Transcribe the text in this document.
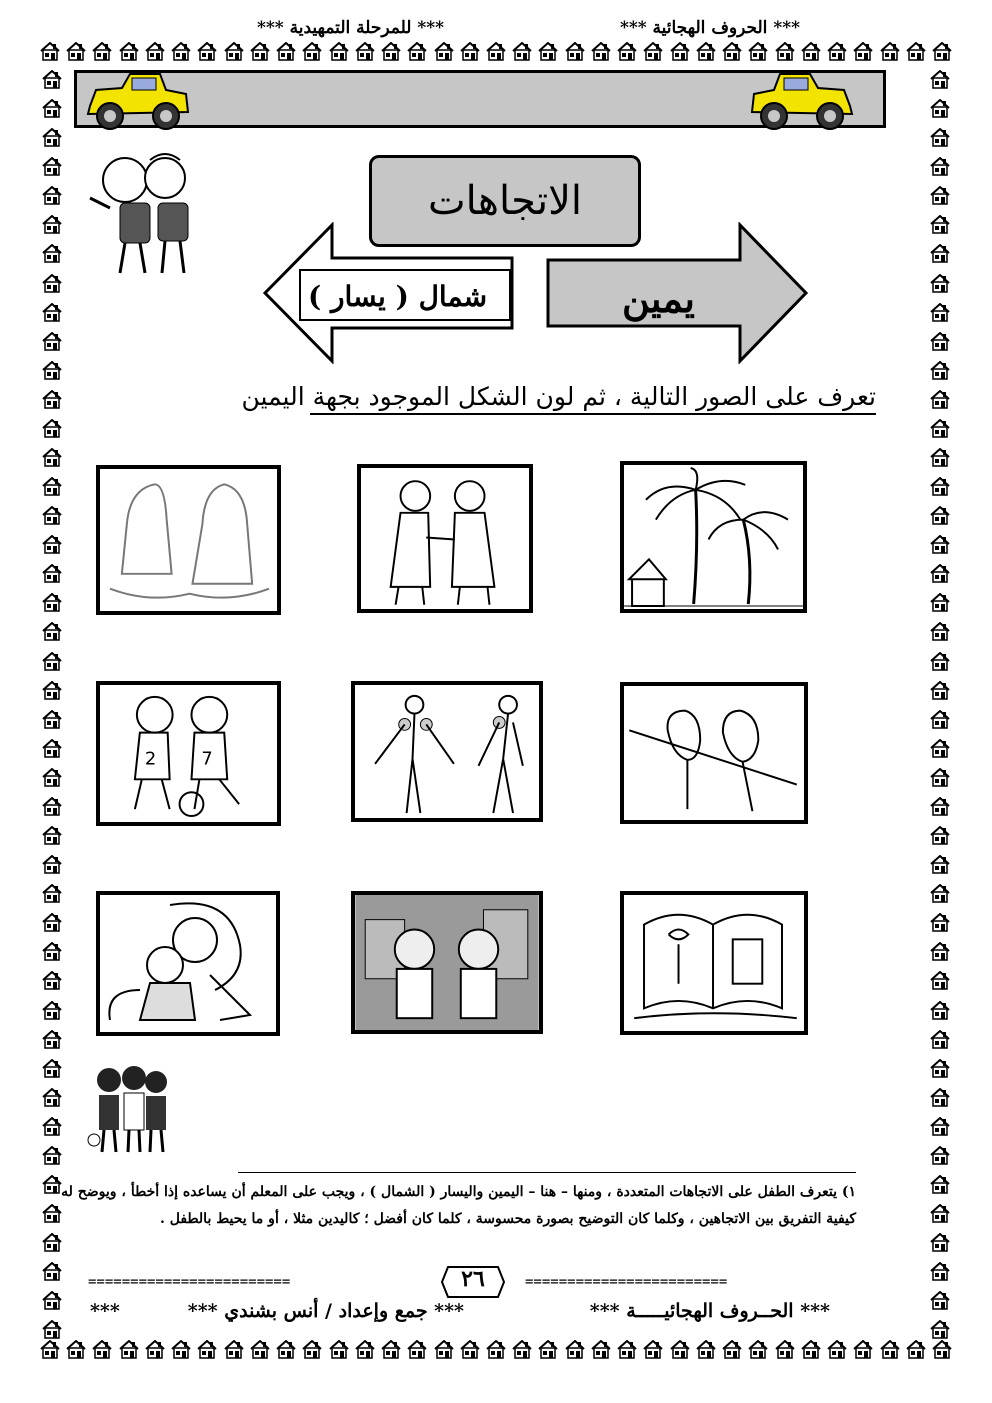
*** الحروف الهجائية ***
*** للمرحلة التمهيدية ***
الاتجاهات
يمين
شمال ( يسار )
تعرف على الصور التالية ، ثم لون الشكل الموجود بجهة اليمين
2	7
١) يتعرف الطفل على الاتجاهات المتعددة ، ومنها – هنا – اليمين واليسار ( الشمال ) ، ويجب على المعلم أن يساعده إذا أخطأ ، ويوضح له
كيفية التفريق بين الاتجاهين ، وكلما كان التوضيح بصورة محسوسة ، كلما كان أفضل ؛ كاليدين مثلا ، أو ما يحيط بالطفل .
========================	٢٦	========================
*** الحــروف الهجائيـــــة ***
*** جمع وإعداد / أنس بشندي ***
***
